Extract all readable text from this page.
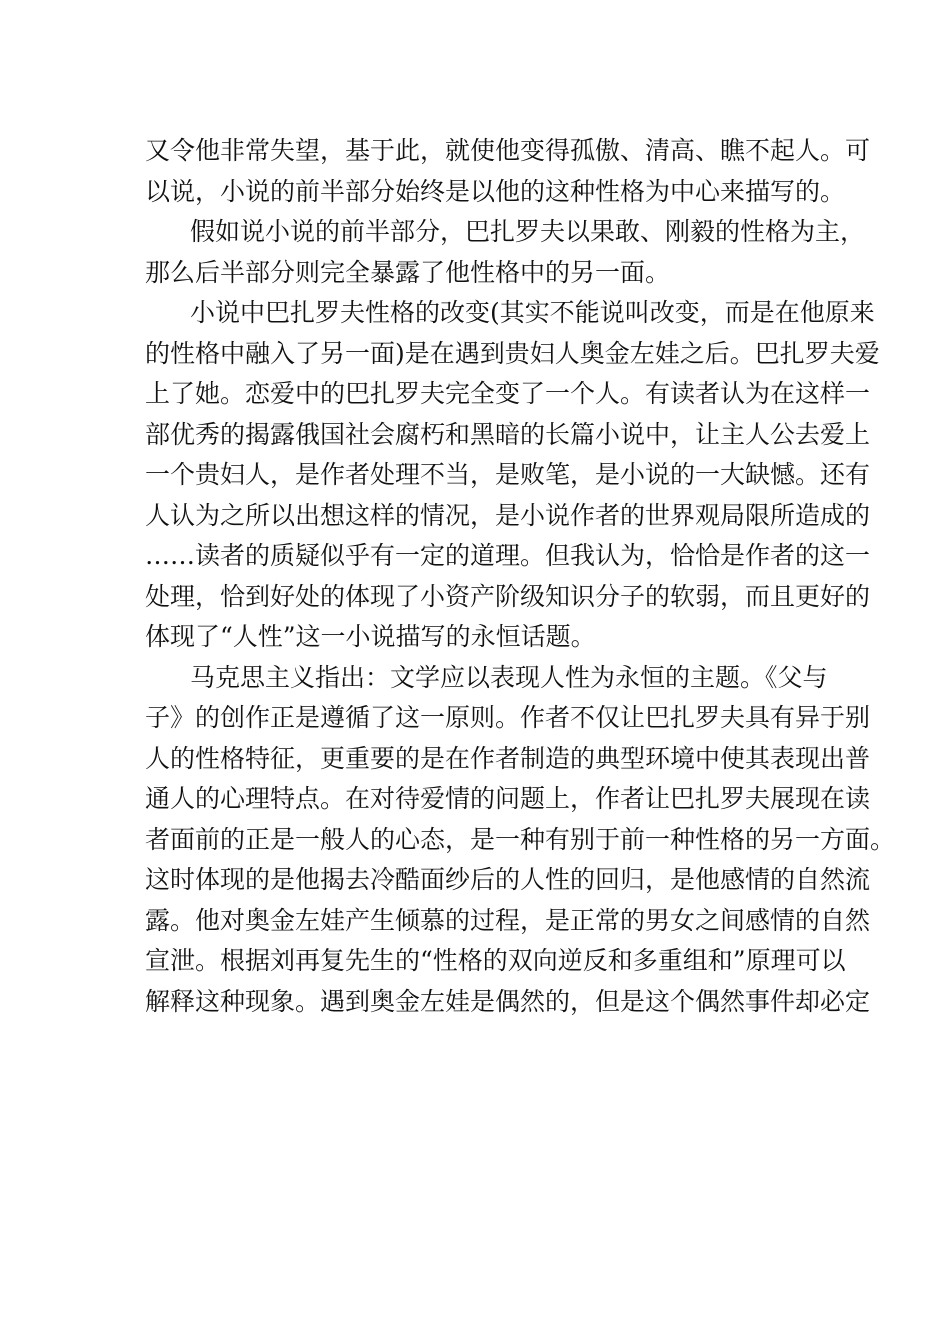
又令他非常失望，基于此，就使他变得孤傲、清高、瞧不起人。可
以说，小说的前半部分始终是以他的这种性格为中心来描写的。
假如说小说的前半部分，巴扎罗夫以果敢、刚毅的性格为主，
那么后半部分则完全暴露了他性格中的另一面。
小说中巴扎罗夫性格的改变(其实不能说叫改变，而是在他原来
的性格中融入了另一面)是在遇到贵妇人奥金左娃之后。巴扎罗夫爱
上了她。恋爱中的巴扎罗夫完全变了一个人。有读者认为在这样一
部优秀的揭露俄国社会腐朽和黑暗的长篇小说中，让主人公去爱上
一个贵妇人，是作者处理不当，是败笔，是小说的一大缺憾。还有
人认为之所以出想这样的情况，是小说作者的世界观局限所造成的
……读者的质疑似乎有一定的道理。但我认为，恰恰是作者的这一
处理，恰到好处的体现了小资产阶级知识分子的软弱，而且更好的
体现了“人性”这一小说描写的永恒话题。
马克思主义指出：文学应以表现人性为永恒的主题。《父与
子》的创作正是遵循了这一原则。作者不仅让巴扎罗夫具有异于别
人的性格特征，更重要的是在作者制造的典型环境中使其表现出普
通人的心理特点。在对待爱情的问题上，作者让巴扎罗夫展现在读
者面前的正是一般人的心态，是一种有别于前一种性格的另一方面。
这时体现的是他揭去冷酷面纱后的人性的回归，是他感情的自然流
露。他对奥金左娃产生倾慕的过程，是正常的男女之间感情的自然
宣泄。根据刘再复先生的“性格的双向逆反和多重组和”原理可以
解释这种现象。遇到奥金左娃是偶然的，但是这个偶然事件却必定
